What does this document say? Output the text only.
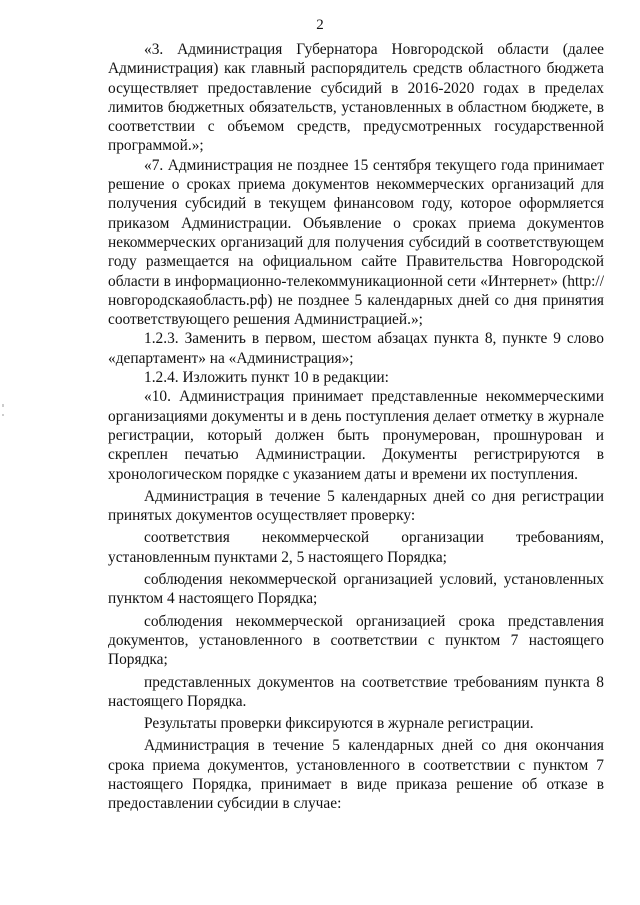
2

«3. Администрация Губернатора Новгородской области (далее Администрация) как главный распорядитель средств областного бюджета осуществляет предоставление субсидий в 2016-2020 годах в пределах лимитов бюджетных обязательств, установленных в областном бюджете, в соответствии с объемом средств, предусмотренных государственной программой.»;

«7. Администрация не позднее 15 сентября текущего года принимает решение о сроках приема документов некоммерческих организаций для получения субсидий в текущем финансовом году, которое оформляется приказом Администрации. Объявление о сроках приема документов некоммерческих организаций для получения субсидий в соответствующем году размещается на официальном сайте Правительства Новгородской области в информационно-телекоммуникационной сети «Интернет» (http://новгородскаяобласть.рф) не позднее 5 календарных дней со дня принятия соответствующего решения Администрацией.»;

1.2.3. Заменить в первом, шестом абзацах пункта 8, пункте 9 слово «департамент» на «Администрация»;

1.2.4. Изложить пункт 10 в редакции:

«10. Администрация принимает представленные некоммерческими организациями документы и в день поступления делает отметку в журнале регистрации, который должен быть пронумерован, прошнурован и скреплен печатью Администрации. Документы регистрируются в хронологическом порядке с указанием даты и времени их поступления.

Администрация в течение 5 календарных дней со дня регистрации принятых документов осуществляет проверку:

соответствия некоммерческой организации требованиям, установленным пунктами 2, 5 настоящего Порядка;

соблюдения некоммерческой организацией условий, установленных пунктом 4 настоящего Порядка;

соблюдения некоммерческой организацией срока представления документов, установленного в соответствии с пунктом 7 настоящего Порядка;

представленных документов на соответствие требованиям пункта 8 настоящего Порядка.

Результаты проверки фиксируются в журнале регистрации.

Администрация в течение 5 календарных дней со дня окончания срока приема документов, установленного в соответствии с пунктом 7 настоящего Порядка, принимает в виде приказа решение об отказе в предоставлении субсидии в случае:
